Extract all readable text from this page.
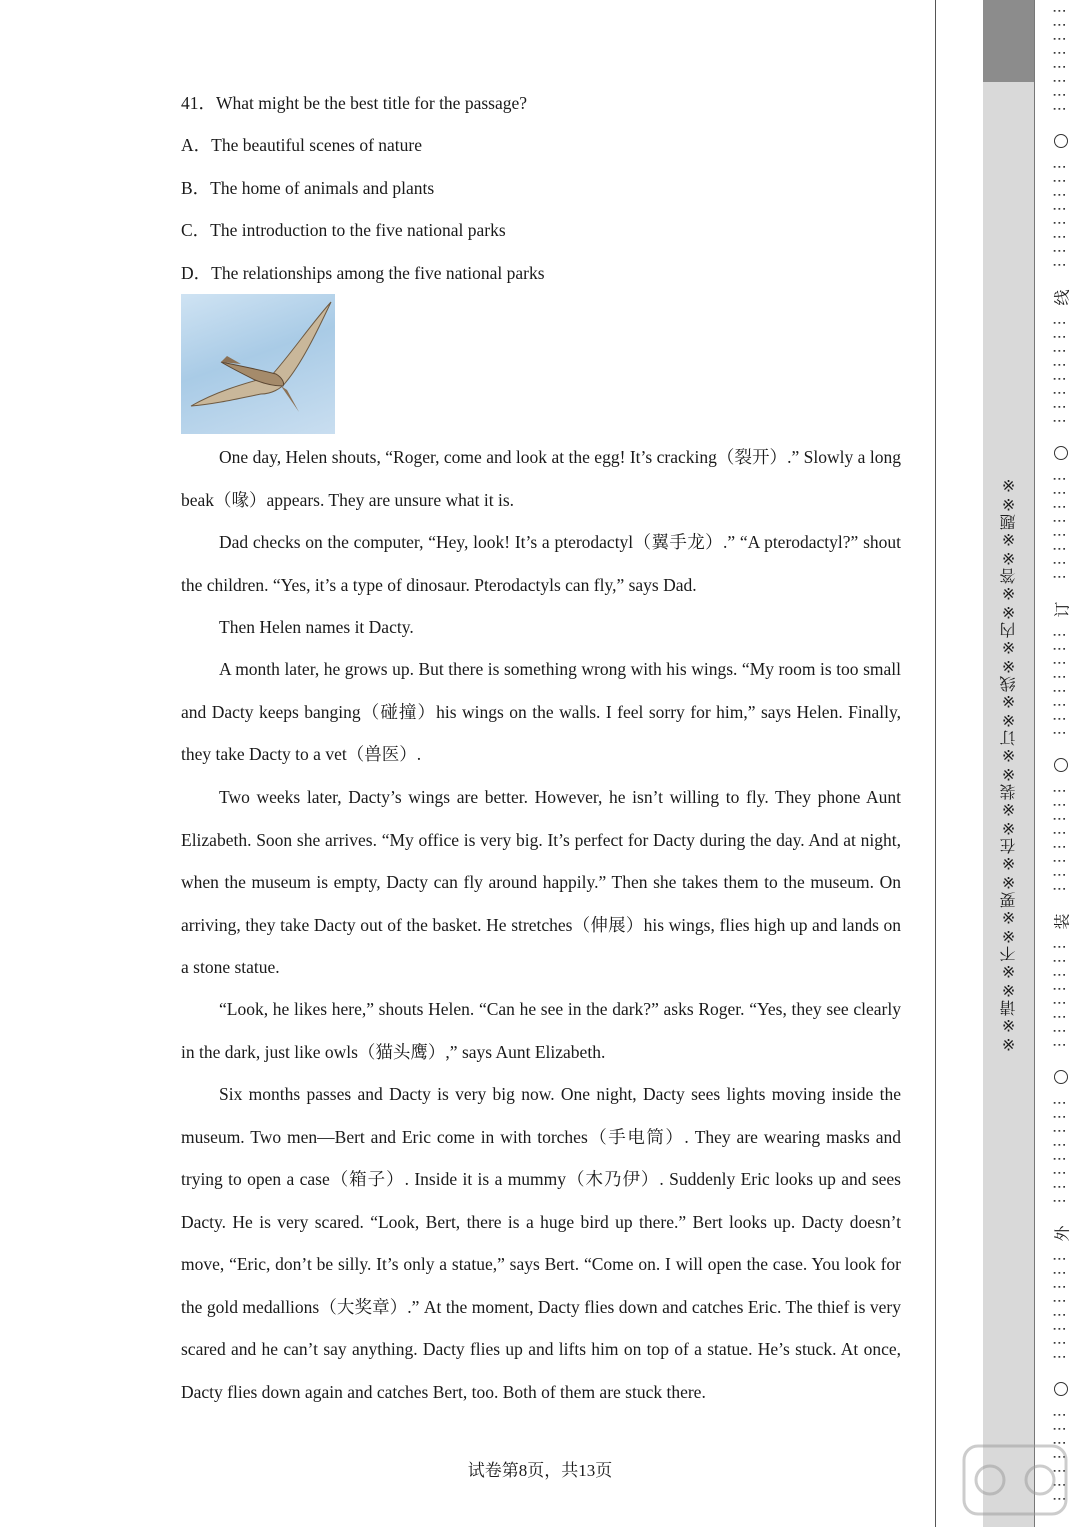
41．What might be the best title for the passage?
A．The beautiful scenes of nature
B．The home of animals and plants
C．The introduction to the five national parks
D．The relationships among the five national parks
One day, Helen shouts, “Roger, come and look at the egg! It’s cracking（裂开）.” Slowly a long beak（喙）appears. They are unsure what it is.
Dad checks on the computer, “Hey, look! It’s a pterodactyl（翼手龙）.” “A pterodactyl?” shout the children. “Yes, it’s a type of dinosaur. Pterodactyls can fly,” says Dad.
Then Helen names it Dacty.
A month later, he grows up. But there is something wrong with his wings. “My room is too small and Dacty keeps banging（碰撞）his wings on the walls. I feel sorry for him,” says Helen. Finally, they take Dacty to a vet（兽医）.
Two weeks later, Dacty’s wings are better. However, he isn’t willing to fly. They phone Aunt Elizabeth. Soon she arrives. “My office is very big. It’s perfect for Dacty during the day. And at night, when the museum is empty, Dacty can fly around happily.” Then she takes them to the museum. On arriving, they take Dacty out of the basket. He stretches（伸展）his wings, flies high up and lands on a stone statue.
“Look, he likes here,” shouts Helen. “Can he see in the dark?” asks Roger. “Yes, they see clearly in the dark, just like owls（猫头鹰）,” says Aunt Elizabeth.
Six months passes and Dacty is very big now. One night, Dacty sees lights moving inside the museum. Two men—Bert and Eric come in with torches（手电筒）. They are wearing masks and trying to open a case（箱子）. Inside it is a mummy（木乃伊）. Suddenly Eric looks up and sees Dacty. He is very scared. “Look, Bert, there is a huge bird up there.” Bert looks up. Dacty doesn’t move, “Eric, don’t be silly. It’s only a statue,” says Bert. “Come on. I will open the case. You look for the gold medallions（大奖章）.” At the moment, Dacty flies down and catches Eric. The thief is very scared and he can’t say anything. Dacty flies up and lifts him on top of a statue. He’s stuck. At once, Dacty flies down again and catches Bert, too. Both of them are stuck there.
试卷第8页，共13页
※※请※※不※※要※※在※※装※※订※※线※※内※※答※※题※※
⋮⋮⋮⋮⋮⋮⋮⋮
⋮⋮⋮⋮⋮⋮⋮⋮
线
⋮⋮⋮⋮⋮⋮⋮⋮
⋮⋮⋮⋮⋮⋮⋮⋮
订
⋮⋮⋮⋮⋮⋮⋮⋮
⋮⋮⋮⋮⋮⋮⋮⋮
装
⋮⋮⋮⋮⋮⋮⋮⋮
⋮⋮⋮⋮⋮⋮⋮⋮
外
⋮⋮⋮⋮⋮⋮⋮⋮
⋮⋮⋮⋮⋮⋮⋮
